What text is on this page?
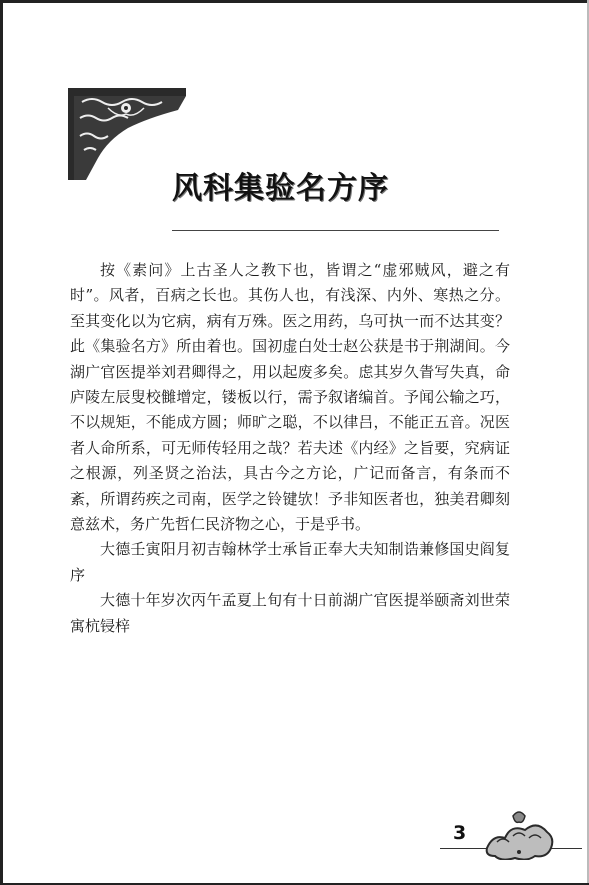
风科集验名方序

按《素问》上古圣人之教下也，皆谓之“虚邪贼风，避之有时”。风者，百病之长也。其伤人也，有浅深、内外、寒热之分。至其变化以为它病，病有万殊。医之用药，乌可执一而不达其变？此《集验名方》所由着也。国初虚白处士赵公获是书于荆湖间。今湖广官医提举刘君卿得之，用以起废多矣。虑其岁久眚写失真，命庐陵左辰叟校雠增定，镂板以行，需予叙诸编首。予闻公输之巧，不以规矩，不能成方圆；师旷之聪，不以律吕，不能正五音。况医者人命所系，可无师传轻用之哉？若夫述《内经》之旨要，究病证之根源，列圣贤之治法，具古今之方论，广记而备言，有条而不紊，所谓药疾之司南，医学之铃键欤！予非知医者也，独美君卿刻意兹术，务广先哲仁民济物之心，于是乎书。

大德壬寅阳月初吉翰林学士承旨正奉大夫知制诰兼修国史阎复序

大德十年岁次丙午孟夏上旬有十日前湖广官医提举颐斋刘世荣寓杭锓梓

3
